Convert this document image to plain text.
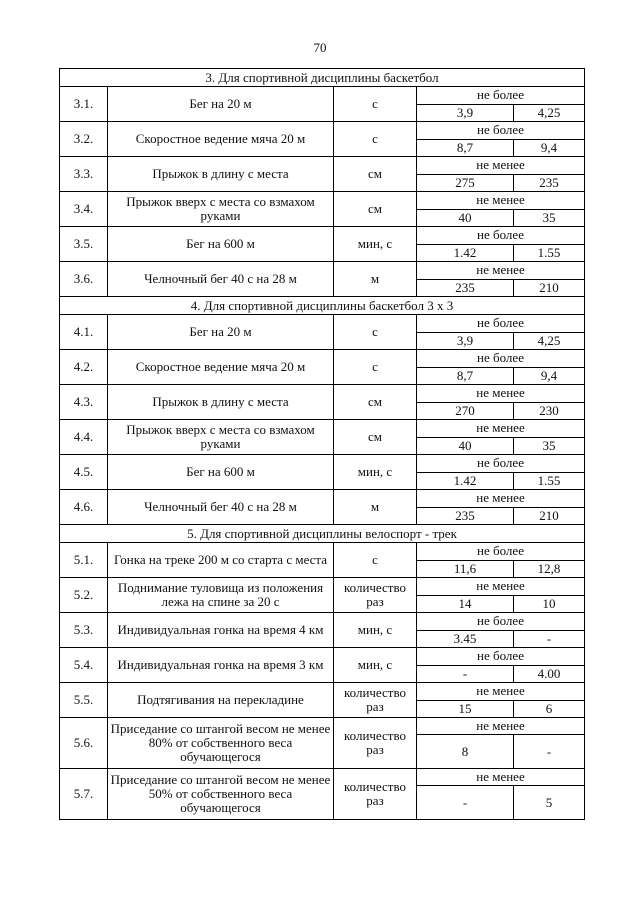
70
3. Для спортивной дисциплины баскетбол				
3.1.	Бег на 20 м	с	не более	
			3,9	4,25
3.2.	Скоростное ведение мяча 20 м	с	не более	
			8,7	9,4
3.3.	Прыжок в длину с места	см	не менее	
			275	235
3.4.	Прыжок вверх с места со взмахом руками	см	не менее	
			40	35
3.5.	Бег на 600 м	мин, с	не более	
			1.42	1.55
3.6.	Челночный бег 40 с на 28 м	м	не менее	
			235	210
4. Для спортивной дисциплины баскетбол 3 х 3				
4.1.	Бег на 20 м	с	не более	
			3,9	4,25
4.2.	Скоростное ведение мяча 20 м	с	не более	
			8,7	9,4
4.3.	Прыжок в длину с места	см	не менее	
			270	230
4.4.	Прыжок вверх с места со взмахом руками	см	не менее	
			40	35
4.5.	Бег на 600 м	мин, с	не более	
			1.42	1.55
4.6.	Челночный бег 40 с на 28 м	м	не менее	
			235	210
5. Для спортивной дисциплины велоспорт - трек				
5.1.	Гонка на треке 200 м со старта с места	с	не более	
			11,6	12,8
5.2.	Поднимание туловища из положения лежа на спине за 20 с	количество раз	не менее	
			14	10
5.3.	Индивидуальная гонка на время 4 км	мин, с	не более	
			3.45	-
5.4.	Индивидуальная гонка на время 3 км	мин, с	не более	
			-	4.00
5.5.	Подтягивания на перекладине	количество раз	не менее	
			15	6
5.6.	Приседание со штангой весом не менее 80% от собственного веса обучающегося	количество раз	не менее	
			8	-
5.7.	Приседание со штангой весом не менее 50% от собственного веса обучающегося	количество раз	не менее	
			-	5
